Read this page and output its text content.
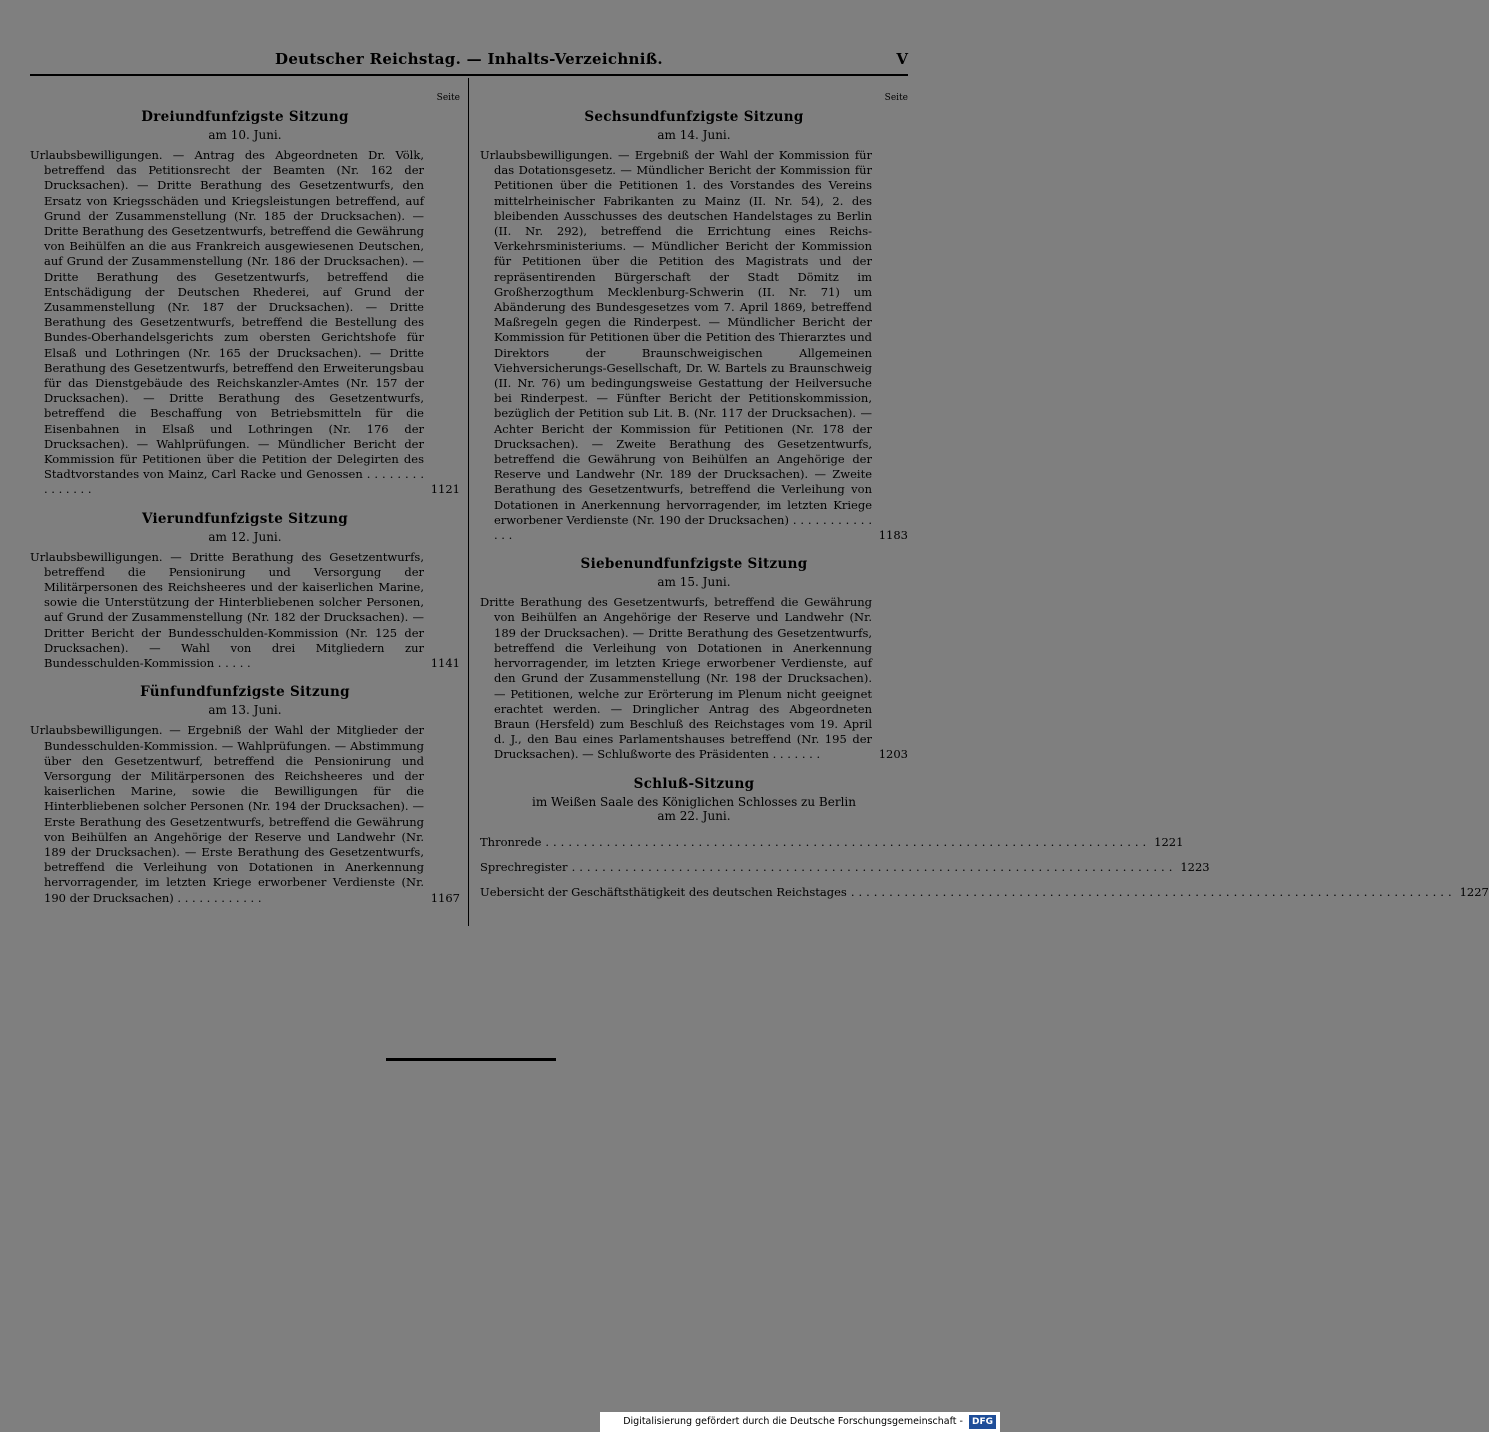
Deutscher Reichstag. — Inhalts-Verzeichniß.	V
Seite
Dreiundfunfzigste Sitzung
am 10. Juni.
Urlaubsbewilligungen. — Antrag des Abgeordneten Dr. Völk, betreffend das Petitionsrecht der Beamten (Nr. 162 der Drucksachen). — Dritte Berathung des Gesetzentwurfs, den Ersatz von Kriegsschäden und Kriegsleistungen betreffend, auf Grund der Zusammenstellung (Nr. 185 der Drucksachen). — Dritte Berathung des Gesetzentwurfs, betreffend die Gewährung von Beihülfen an die aus Frankreich ausgewiesenen Deutschen, auf Grund der Zusammenstellung (Nr. 186 der Drucksachen). — Dritte Berathung des Gesetzentwurfs, betreffend die Entschädigung der Deutschen Rhederei, auf Grund der Zusammenstellung (Nr. 187 der Drucksachen). — Dritte Berathung des Gesetzentwurfs, betreffend die Bestellung des Bundes-Oberhandelsgerichts zum obersten Gerichtshofe für Elsaß und Lothringen (Nr. 165 der Drucksachen). — Dritte Berathung des Gesetzentwurfs, betreffend den Erweiterungsbau für das Dienstgebäude des Reichskanzler-Amtes (Nr. 157 der Drucksachen). — Dritte Berathung des Gesetzentwurfs, betreffend die Beschaffung von Betriebsmitteln für die Eisenbahnen in Elsaß und Lothringen (Nr. 176 der Drucksachen). — Wahlprüfungen. — Mündlicher Bericht der Kommission für Petitionen über die Petition der Delegirten des Stadtvorstandes von Mainz, Carl Racke und Genossen . . . . . . . . . . . . . . .	1121
Vierundfunfzigste Sitzung
am 12. Juni.
Urlaubsbewilligungen. — Dritte Berathung des Gesetzentwurfs, betreffend die Pensionirung und Versorgung der Militärpersonen des Reichsheeres und der kaiserlichen Marine, sowie die Unterstützung der Hinterbliebenen solcher Personen, auf Grund der Zusammenstellung (Nr. 182 der Drucksachen). — Dritter Bericht der Bundesschulden-Kommission (Nr. 125 der Drucksachen). — Wahl von drei Mitgliedern zur Bundesschulden-Kommission . . . . .	1141
Fünfundfunfzigste Sitzung
am 13. Juni.
Urlaubsbewilligungen. — Ergebniß der Wahl der Mitglieder der Bundesschulden-Kommission. — Wahlprüfungen. — Abstimmung über den Gesetzentwurf, betreffend die Pensionirung und Versorgung der Militärpersonen des Reichsheeres und der kaiserlichen Marine, sowie die Bewilligungen für die Hinterbliebenen solcher Personen (Nr. 194 der Drucksachen). — Erste Berathung des Gesetzentwurfs, betreffend die Gewährung von Beihülfen an Angehörige der Reserve und Landwehr (Nr. 189 der Drucksachen). — Erste Berathung des Gesetzentwurfs, betreffend die Verleihung von Dotationen in Anerkennung hervorragender, im letzten Kriege erworbener Verdienste (Nr. 190 der Drucksachen) . . . . . . . . . . . .	1167
Seite
Sechsundfunfzigste Sitzung
am 14. Juni.
Urlaubsbewilligungen. — Ergebniß der Wahl der Kommission für das Dotationsgesetz. — Mündlicher Bericht der Kommission für Petitionen über die Petitionen 1. des Vorstandes des Vereins mittelrheinischer Fabrikanten zu Mainz (II. Nr. 54), 2. des bleibenden Ausschusses des deutschen Handelstages zu Berlin (II. Nr. 292), betreffend die Errichtung eines Reichs-Verkehrsministeriums. — Mündlicher Bericht der Kommission für Petitionen über die Petition des Magistrats und der repräsentirenden Bürgerschaft der Stadt Dömitz im Großherzogthum Mecklenburg-Schwerin (II. Nr. 71) um Abänderung des Bundesgesetzes vom 7. April 1869, betreffend Maßregeln gegen die Rinderpest. — Mündlicher Bericht der Kommission für Petitionen über die Petition des Thierarztes und Direktors der Braunschweigischen Allgemeinen Viehversicherungs-Gesellschaft, Dr. W. Bartels zu Braunschweig (II. Nr. 76) um bedingungsweise Gestattung der Heilversuche bei Rinderpest. — Fünfter Bericht der Petitionskommission, bezüglich der Petition sub Lit. B. (Nr. 117 der Drucksachen). — Achter Bericht der Kommission für Petitionen (Nr. 178 der Drucksachen). — Zweite Berathung des Gesetzentwurfs, betreffend die Gewährung von Beihülfen an Angehörige der Reserve und Landwehr (Nr. 189 der Drucksachen). — Zweite Berathung des Gesetzentwurfs, betreffend die Verleihung von Dotationen in Anerkennung hervorragender, im letzten Kriege erworbener Verdienste (Nr. 190 der Drucksachen) . . . . . . . . . . . . . .	1183
Siebenundfunfzigste Sitzung
am 15. Juni.
Dritte Berathung des Gesetzentwurfs, betreffend die Gewährung von Beihülfen an Angehörige der Reserve und Landwehr (Nr. 189 der Drucksachen). — Dritte Berathung des Gesetzentwurfs, betreffend die Verleihung von Dotationen in Anerkennung hervorragender, im letzten Kriege erworbener Verdienste, auf den Grund der Zusammenstellung (Nr. 198 der Drucksachen). — Petitionen, welche zur Erörterung im Plenum nicht geeignet erachtet werden. — Dringlicher Antrag des Abgeordneten Braun (Hersfeld) zum Beschluß des Reichstages vom 19. April d. J., den Bau eines Parlamentshauses betreffend (Nr. 195 der Drucksachen). — Schlußworte des Präsidenten . . . . . . .	1203
Schluß-Sitzung
im Weißen Saale des Königlichen Schlosses zu Berlin
am 22. Juni.
Thronrede ............................................................................... 1221
Sprechregister ............................................................................... 1223
Uebersicht der Geschäftsthätigkeit des deutschen Reichstages ............................................................................... 1227
Digitalisierung gefördert durch die Deutsche Forschungsgemeinschaft - DFG
